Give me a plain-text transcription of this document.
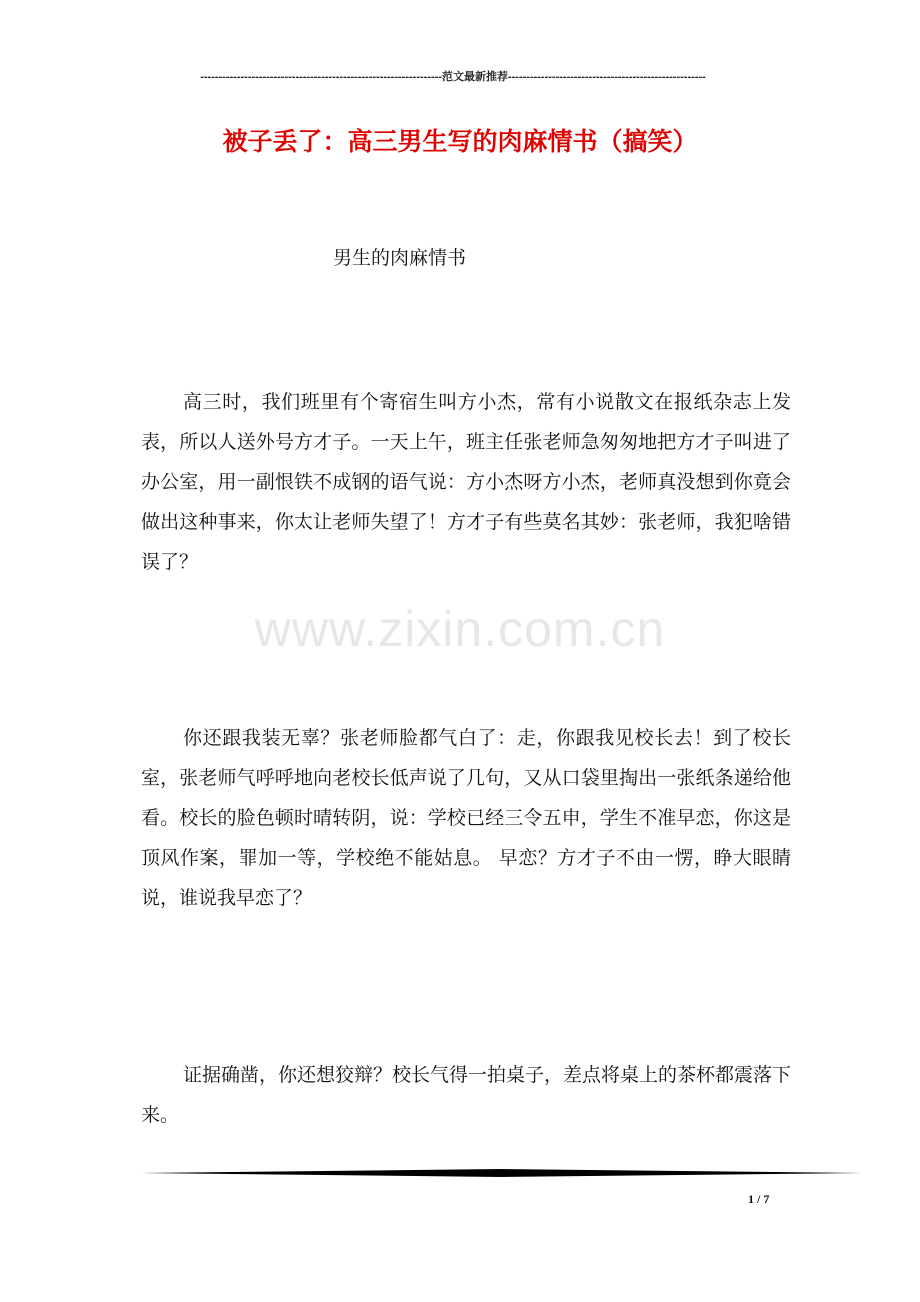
------------------------------------------------------------------范文最新推荐------------------------------------------------------
被子丢了：高三男生写的肉麻情书（搞笑）
男生的肉麻情书
高三时，我们班里有个寄宿生叫方小杰，常有小说散文在报纸杂志上发表，所以人送外号方才子。一天上午，班主任张老师急匆匆地把方才子叫进了办公室，用一副恨铁不成钢的语气说：方小杰呀方小杰，老师真没想到你竟会做出这种事来，你太让老师失望了！方才子有些莫名其妙：张老师，我犯啥错误了？
www.zixin.com.cn
你还跟我装无辜？张老师脸都气白了：走，你跟我见校长去！到了校长室，张老师气呼呼地向老校长低声说了几句，又从口袋里掏出一张纸条递给他看。校长的脸色顿时晴转阴，说：学校已经三令五申，学生不准早恋，你这是顶风作案，罪加一等，学校绝不能姑息。 早恋？方才子不由一愣，睁大眼睛说，谁说我早恋了？
证据确凿，你还想狡辩？校长气得一拍桌子，差点将桌上的茶杯都震落下来。
1 / 7
